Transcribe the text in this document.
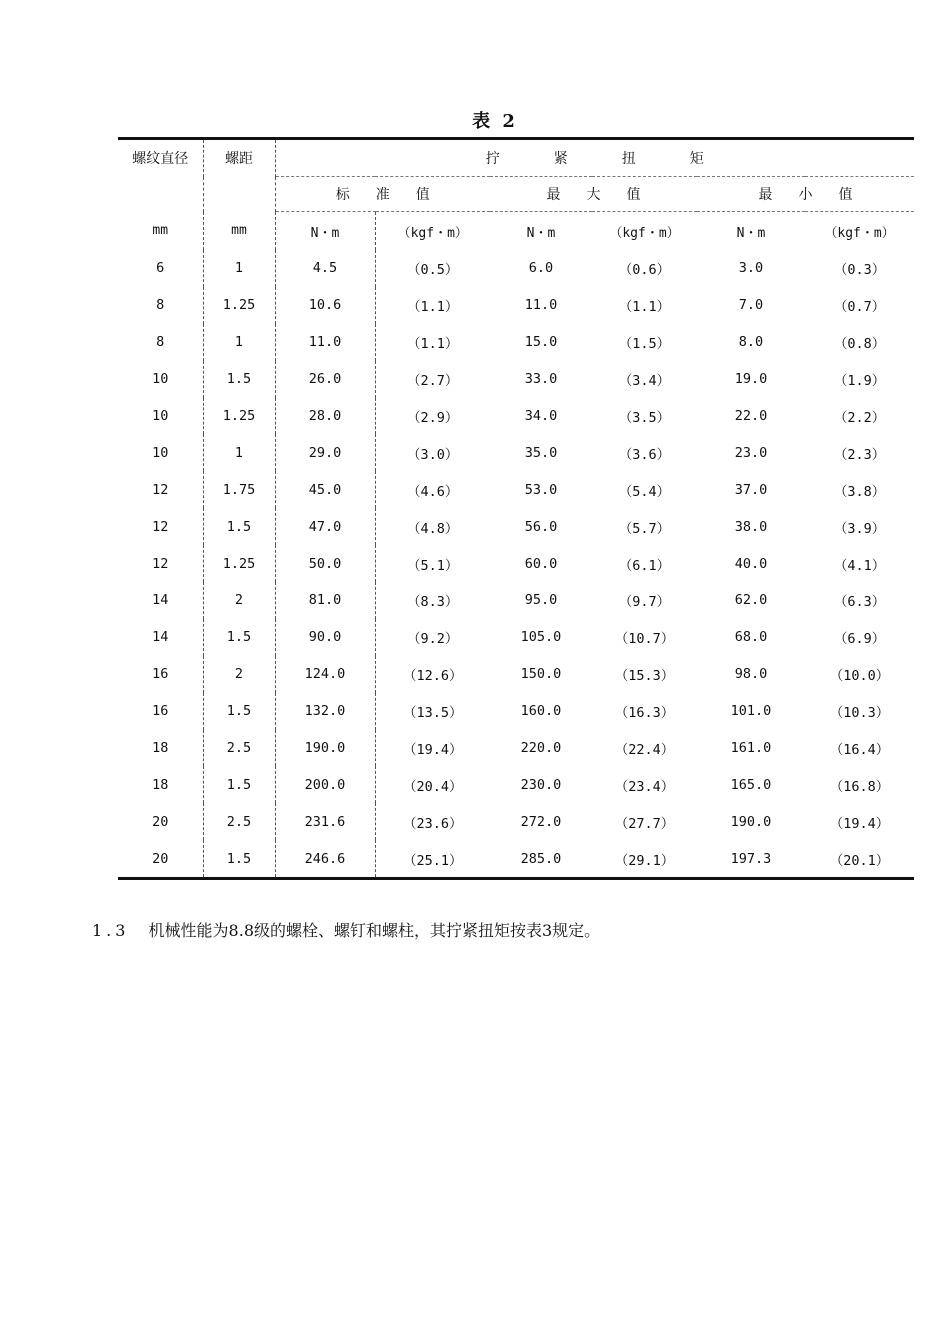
表 2
螺纹直径	螺距	拧紧扭矩					
		标准值		最大值		最小值	
mm	mm	N・m	（kgf・m）	N・m	（kgf・m）	N・m	（kgf・m）
6	1	4.5	（0.5）	6.0	（0.6）	3.0	（0.3）
8	1.25	10.6	（1.1）	11.0	（1.1）	7.0	（0.7）
8	1	11.0	（1.1）	15.0	（1.5）	8.0	（0.8）
10	1.5	26.0	（2.7）	33.0	（3.4）	19.0	（1.9）
10	1.25	28.0	（2.9）	34.0	（3.5）	22.0	（2.2）
10	1	29.0	（3.0）	35.0	（3.6）	23.0	（2.3）
12	1.75	45.0	（4.6）	53.0	（5.4）	37.0	（3.8）
12	1.5	47.0	（4.8）	56.0	（5.7）	38.0	（3.9）
12	1.25	50.0	（5.1）	60.0	（6.1）	40.0	（4.1）
14	2	81.0	（8.3）	95.0	（9.7）	62.0	（6.3）
14	1.5	90.0	（9.2）	105.0	（10.7）	68.0	（6.9）
16	2	124.0	（12.6）	150.0	（15.3）	98.0	（10.0）
16	1.5	132.0	（13.5）	160.0	（16.3）	101.0	（10.3）
18	2.5	190.0	（19.4）	220.0	（22.4）	161.0	（16.4）
18	1.5	200.0	（20.4）	230.0	（23.4）	165.0	（16.8）
20	2.5	231.6	（23.6）	272.0	（27.7）	190.0	（19.4）
20	1.5	246.6	（25.1）	285.0	（29.1）	197.3	（20.1）
1.3 机械性能为8.8级的螺栓、螺钉和螺柱，其拧紧扭矩按表3规定。
